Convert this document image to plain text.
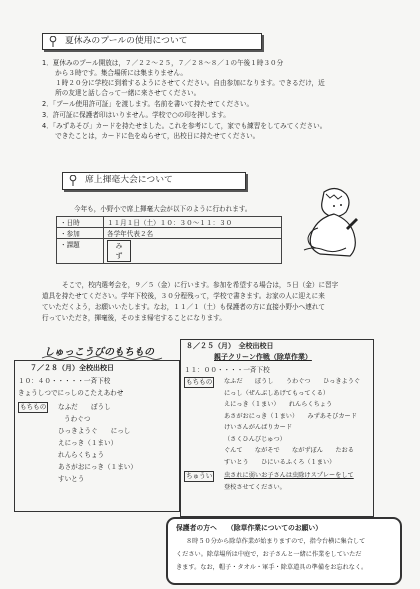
夏休みのプールの使用について
1．夏休みのプール開放は，７／２２〜２５，７／２８〜８／１の午後１時３０分
　　から３時です。集合場所には集まりません。
　　１時２０分に学校に到着するようにさせてください。自由参加になります。できるだけ，近
　　所の友達と話し合って一緒に来させてください。
2．「プール使用許可証」を渡します。名前を書いて持たせてください。
3．許可証に保護者印はいりません。学校で○の印を押します。
4．「みずあそび」カードを持たせました。これを参考にして，家でも練習をしてみてください。
　　できたことは，カードに色をぬらせて，出校日に持たせてください。
席上揮毫大会について
今年も，小野小で席上揮毫大会が以下のように行われます。
・日時	１１月１日（土）１０：３０〜１１：３０
・参加	各学年代表２名
・課題	み
ず
そこで，校内選考会を，９／５（金）に行います。参加を希望する場合は，５日（金）に習字
道具を持たせてください。学年下校後，３０分程残って，学校で書きます。お家の人に迎えに来
ていただくよう，お願いいたします。なお，１１／１（土）も保護者の方に直接小野小へ連れて
行っていただき，揮毫後，そのまま帰宅することになります。
しゅっこうびのもちもの
７／２８（月）全校出校日
１０：４０・・・・・一斉下校
きょうしつでにっしのこたえあわせ
もちもの	なふだ　　ぼうし
うわぐつ
ひっきようぐ　　にっし
えにっき（１まい）
れんらくちょう
あさがおにっき（１まい）
すいとう
８／２５（月）　全校出校日
親子クリーン作戦（除草作業）
１１：００・・・・一斉下校
もちもの	なふだ　　ぼうし　　うわぐつ　　ひっきようぐ
にっし（ぜんぶしあげてもってくる）
えにっき（１まい）　　れんらくちょう
あさがおにっき（１まい）　　みずあそびカード
けいさんがんばりカード
（さくひんびじゅつ）
ぐんて　　ながそで　　ながずぼん　　たおる
すいとう　　ひにいるふくろ（１まい）
ちゅうい	虫されに弱いお子さんは虫除けスプレーをして
登校させてください。
保護者の方へ　　（除草作業についてのお願い）
８時５０分から除草作業が始まりますので，指令台横に集合して
ください。除草場所は中庭で，お子さんと一緒に作業をしていただ
きます。なお，帽子・タオル・軍手・除草道具の準備をお忘れなく。
